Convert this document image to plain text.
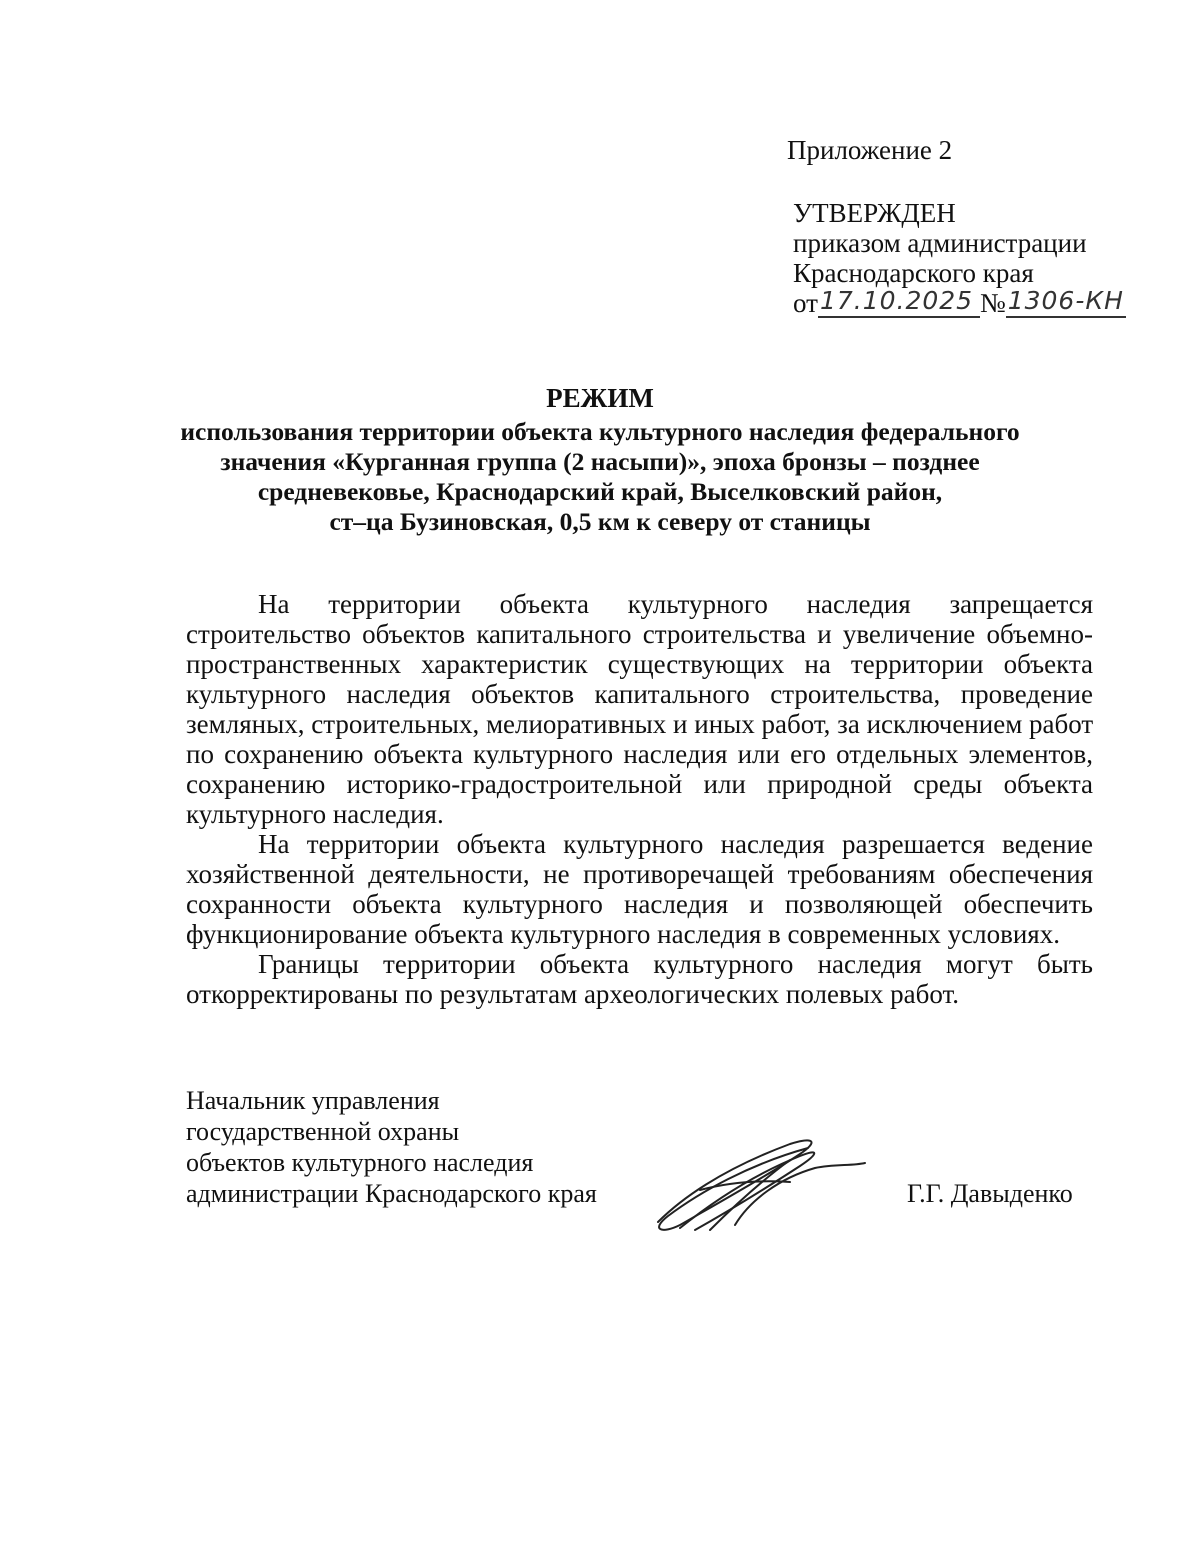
Приложение 2
УТВЕРЖДЕН
приказом администрации
Краснодарского края
от17.10.2025 №1306-КН
РЕЖИМ
использования территории объекта культурного наследия федерального
значения «Курганная группа (2 насыпи)», эпоха бронзы – позднее
средневековье, Краснодарский край, Выселковский район,
ст–ца Бузиновская, 0,5 км к северу от станицы
На территории объекта культурного наследия запрещается
строительство объектов капитального строительства и увеличение объемно-
пространственных характеристик существующих на территории объекта
культурного наследия объектов капитального строительства, проведение
земляных, строительных, мелиоративных и иных работ, за исключением работ
по сохранению объекта культурного наследия или его отдельных элементов,
сохранению историко-градостроительной или природной среды объекта
культурного наследия.
На территории объекта культурного наследия разрешается ведение
хозяйственной деятельности, не противоречащей требованиям обеспечения
сохранности объекта культурного наследия и позволяющей обеспечить
функционирование объекта культурного наследия в современных условиях.
Границы территории объекта культурного наследия могут быть
откорректированы по результатам археологических полевых работ.
Начальник управления
государственной охраны
объектов культурного наследия
администрации Краснодарского края	Г.Г. Давыденко
